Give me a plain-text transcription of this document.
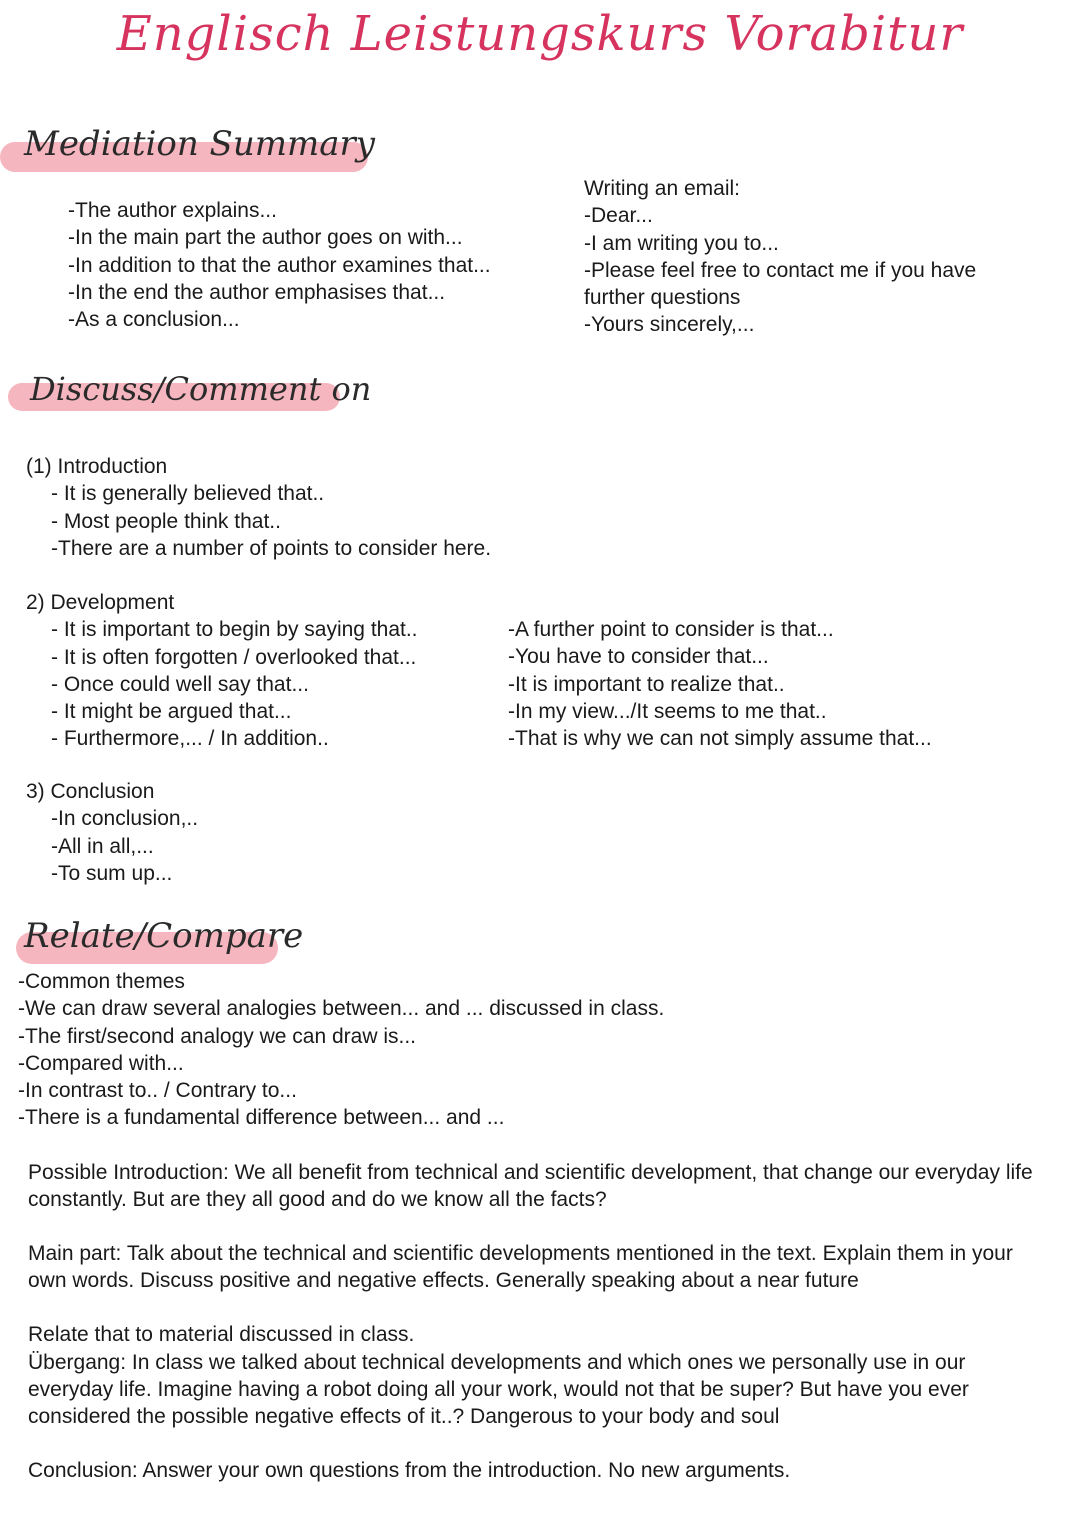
Englisch Leistungskurs Vorabitur
Mediation Summary
-The author explains...
-In the main part the author goes on with...
-In addition to that the author examines that...
-In the end the author emphasises that...
-As a conclusion...
Writing an email:
-Dear...
-I am writing you to...
-Please feel free to contact me if you have
further questions
-Yours sincerely,...
Discuss/Comment on
(1) Introduction
- It is generally believed that..
- Most people think that..
-There are a number of points to consider here.
2) Development
- It is important to begin by saying that..
- It is often forgotten / overlooked that...
- Once could well say that...
- It might be argued that...
- Furthermore,... / In addition..
-A further point to consider is that...
-You have to consider that...
-It is important to realize that..
-In my view.../It seems to me that..
-That is why we can not simply assume that...
3) Conclusion
-In conclusion,..
-All in all,...
-To sum up...
Relate/Compare
-Common themes
-We can draw several analogies between... and ... discussed in class.
-The first/second analogy we can draw is...
-Compared with...
-In contrast to.. / Contrary to...
-There is a fundamental difference between... and ...
Possible Introduction: We all benefit from technical and scientific development, that change our everyday life constantly. But are they all good and do we know all the facts?
Main part: Talk about the technical and scientific developments mentioned in the text. Explain them in your own words. Discuss positive and negative effects. Generally speaking about a near future
Relate that to material discussed in class.
Übergang: In class we talked about technical developments and which ones we personally use in our everyday life. Imagine having a robot doing all your work, would not that be super? But have you ever considered the possible negative effects of it..? Dangerous to your body and soul
Conclusion: Answer your own questions from the introduction. No new arguments.
